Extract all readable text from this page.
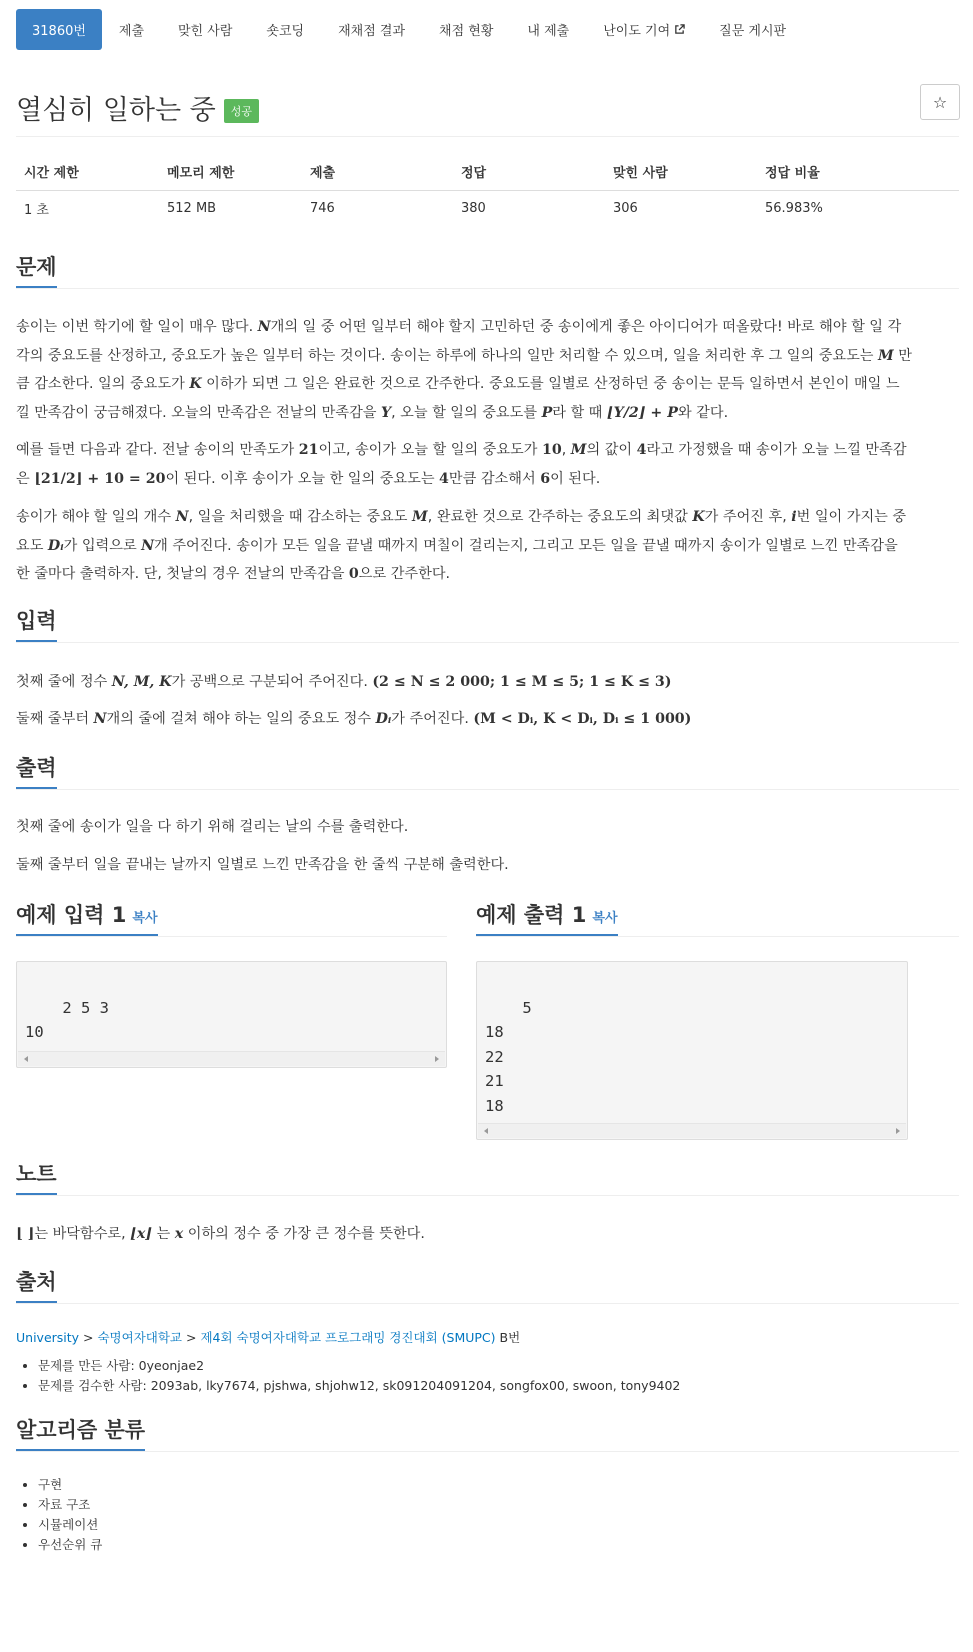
31860번	제출	맞힌 사람	숏코딩	재채점 결과	채점 현황	내 제출	난이도 기여	질문 게시판
열심히 일하는 중	성공	☆
시간 제한	메모리 제한	제출	정답	맞힌 사람	정답 비율
1 초	512 MB	746	380	306	56.983%
문제

송이는 이번 학기에 할 일이 매우 많다. N개의 일 중 어떤 일부터 해야 할지 고민하던 중 송이에게 좋은 아이디어가 떠올랐다! 바로 해야 할 일 각각의 중요도를 산정하고, 중요도가 높은 일부터 하는 것이다. 송이는 하루에 하나의 일만 처리할 수 있으며, 일을 처리한 후 그 일의 중요도는 M 만큼 감소한다. 일의 중요도가 K 이하가 되면 그 일은 완료한 것으로 간주한다. 중요도를 일별로 산정하던 중 송이는 문득 일하면서 본인이 매일 느낄 만족감이 궁금해졌다. 오늘의 만족감은 전날의 만족감을 Y, 오늘 할 일의 중요도를 P라 할 때 ⌊Y/2⌋ + P와 같다.

예를 들면 다음과 같다. 전날 송이의 만족도가 21이고, 송이가 오늘 할 일의 중요도가 10, M의 값이 4라고 가정했을 때 송이가 오늘 느낄 만족감은 ⌊21/2⌋ + 10 = 20이 된다. 이후 송이가 오늘 한 일의 중요도는 4만큼 감소해서 6이 된다.

송이가 해야 할 일의 개수 N, 일을 처리했을 때 감소하는 중요도 M, 완료한 것으로 간주하는 중요도의 최댓값 K가 주어진 후, i번 일이 가지는 중요도 Dᵢ가 입력으로 N개 주어진다. 송이가 모든 일을 끝낼 때까지 며칠이 걸리는지, 그리고 모든 일을 끝낼 때까지 송이가 일별로 느낀 만족감을 한 줄마다 출력하자. 단, 첫날의 경우 전날의 만족감을 0으로 간주한다.

입력

첫째 줄에 정수 N, M, K가 공백으로 구분되어 주어진다. (2 ≤ N ≤ 2 000; 1 ≤ M ≤ 5; 1 ≤ K ≤ 3)

둘째 줄부터 N개의 줄에 걸쳐 해야 하는 일의 중요도 정수 Dᵢ가 주어진다. (M < Dᵢ, K < Dᵢ, Dᵢ ≤ 1 000)

출력

첫째 줄에 송이가 일을 다 하기 위해 걸리는 날의 수를 출력한다.

둘째 줄부터 일을 끝내는 날까지 일별로 느낀 만족감을 한 줄씩 구분해 출력한다.

예제 입력 1 복사	예제 출력 1 복사

2 5 3
10

5
18
22
21
18

노트

⌊ ⌋는 바닥함수로, ⌊x⌋ 는 x 이하의 정수 중 가장 큰 정수를 뜻한다.

출처
University > 숙명여자대학교 > 제4회 숙명여자대학교 프로그래밍 경진대회 (SMUPC) B번
• 문제를 만든 사람: 0yeonjae2
• 문제를 검수한 사람: 2093ab, lky7674, pjshwa, shjohw12, sk091204091204, songfox00, swoon, tony9402
알고리즘 분류
• 구현
• 자료 구조
• 시뮬레이션
• 우선순위 큐
